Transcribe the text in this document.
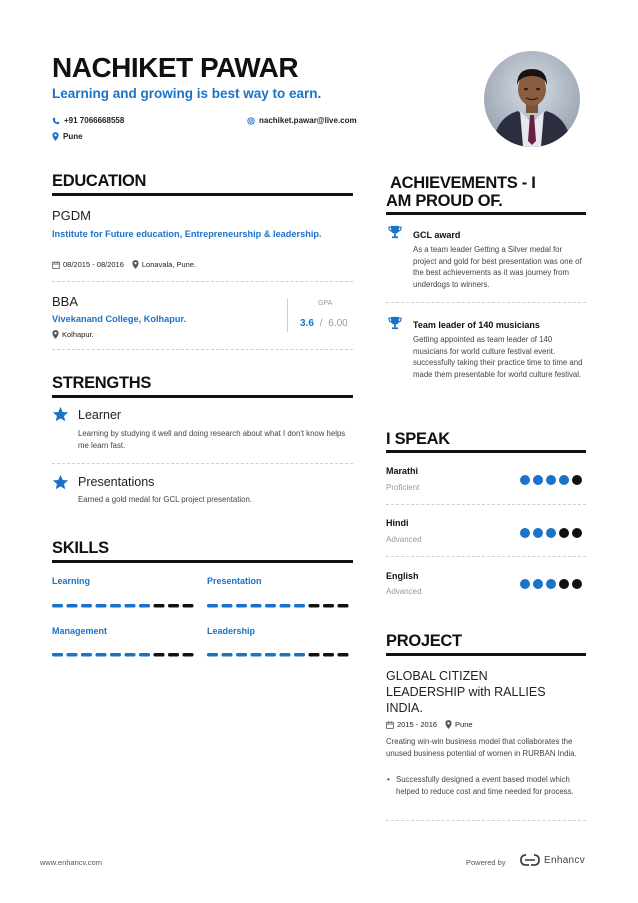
NACHIKET PAWAR
Learning and growing is best way to earn.
+91 7066668558	nachiket.pawar@live.com
Pune
EDUCATION
PGDM
Institute for Future education, Entrepreneurship & leadership.
08/2015 - 08/2016 Lonavala, Pune.
BBA
Vivekanand College, Kolhapur.
Kolhapur.
GPA
3.6 / 6.00
STRENGTHS
Learner
Learning by studying it well and doing research about what I don't know helps me learn fast.
Presentations
Earned a gold medal for GCL project presentation.
SKILLS
Learning	Presentation
Management	Leadership
ACHIEVEMENTS - I
AM PROUD OF.
GCL award
As a team leader Getting a Silver medal for project and gold for best presentation was one of the best achievements as it was journey from underdogs to winners.
Team leader of 140 musicians
Getting appointed as team leader of 140 musicians for world culture festival event. successfully taking their practice time to time and made them presentable for world culture festival.
I SPEAK
Marathi
Proficient
Hindi
Advanced
English
Advanced
PROJECT
GLOBAL CITIZEN
LEADERSHIP with RALLIES
INDIA.
2015 - 2016 Pune
Creating win-win business model that collaborates the unused business potential of women in RURBAN India.
• Successfully designed a event based model which helped to reduce cost and time needed for process.
www.enhancv.com	Powered by	Enhancv
